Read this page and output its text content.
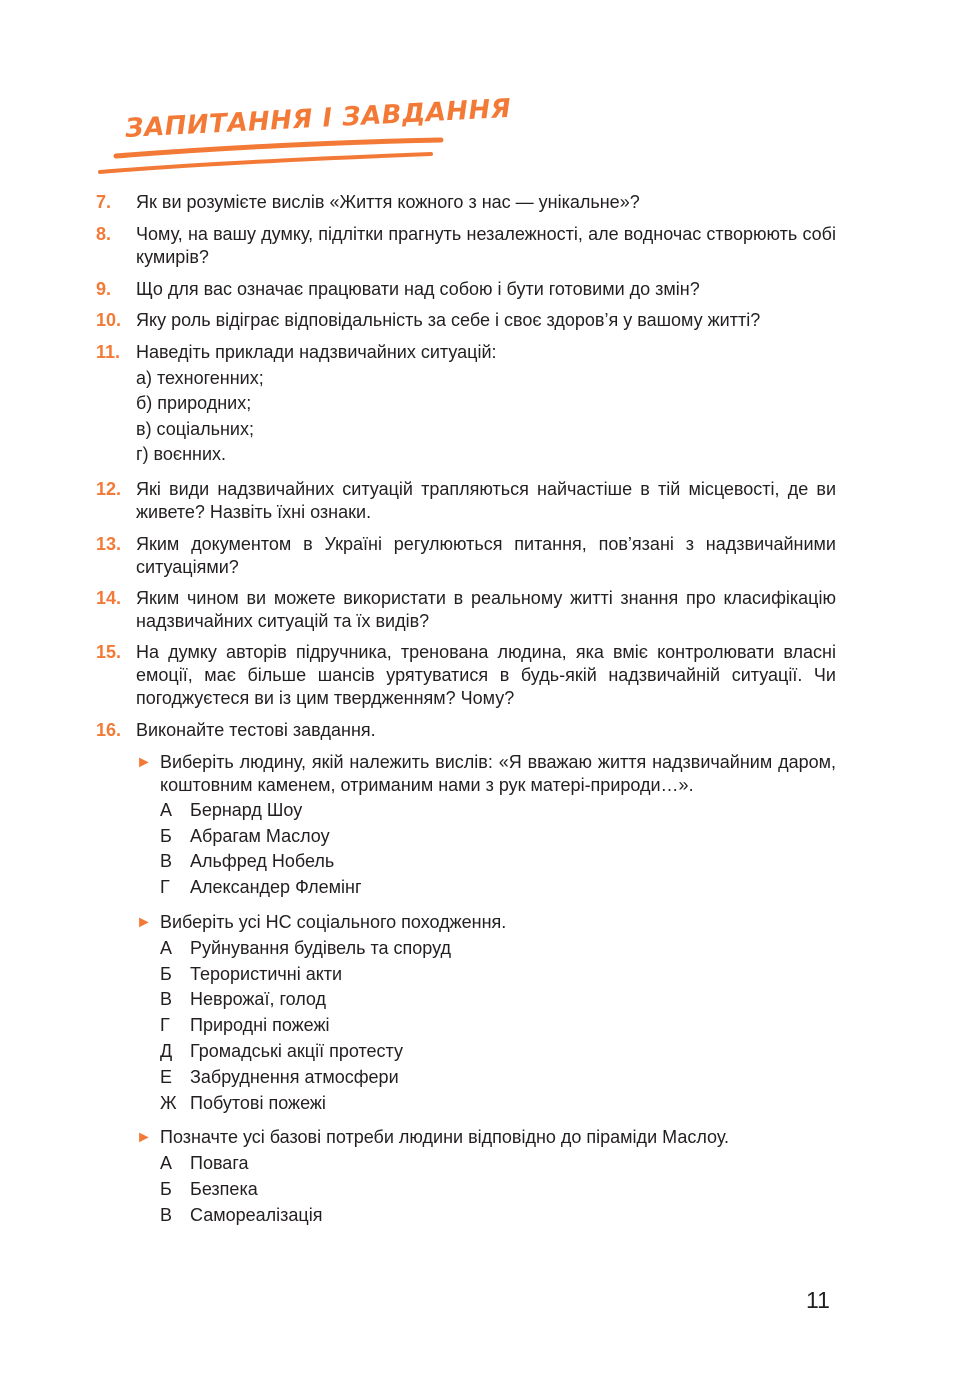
ЗАПИТАННЯ І ЗАВДАННЯ
7. Як ви розумієте вислів «Життя кожного з нас — унікальне»?
8. Чому, на вашу думку, підлітки прагнуть незалежності, але водночас створюють собі кумирів?
9. Що для вас означає працювати над собою і бути готовими до змін?
10. Яку роль відіграє відповідальність за себе і своє здоров’я у вашому житті?
11. Наведіть приклади надзвичайних ситуацій:
а) техногенних;
б) природних;
в) соціальних;
г) воєнних.
12. Які види надзвичайних ситуацій трапляються найчастіше в тій місцевості, де ви живете? Назвіть їхні ознаки.
13. Яким документом в Україні регулюються питання, пов’язані з надзвичайними ситуаціями?
14. Яким чином ви можете використати в реальному житті знання про класифікацію надзвичайних ситуацій та їх видів?
15. На думку авторів підручника, тренована людина, яка вміє контролювати власні емоції, має більше шансів урятуватися в будь-якій надзвичайній ситуації. Чи погоджуєтеся ви із цим твердженням? Чому?
16. Виконайте тестові завдання.
► Виберіть людину, якій належить вислів: «Я вважаю життя надзвичайним даром, коштовним каменем, отриманим нами з рук матері-природи…».
А Бернард Шоу
Б Абрагам Маслоу
В Альфред Нобель
Г Александер Флемінг
► Виберіть усі НС соціального походження.
А Руйнування будівель та споруд
Б Терористичні акти
В Неврожаї, голод
Г Природні пожежі
Д Громадські акції протесту
Е Забруднення атмосфери
Ж Побутові пожежі
► Позначте усі базові потреби людини відповідно до піраміди Маслоу.
А Повага
Б Безпека
В Самореалізація
11
